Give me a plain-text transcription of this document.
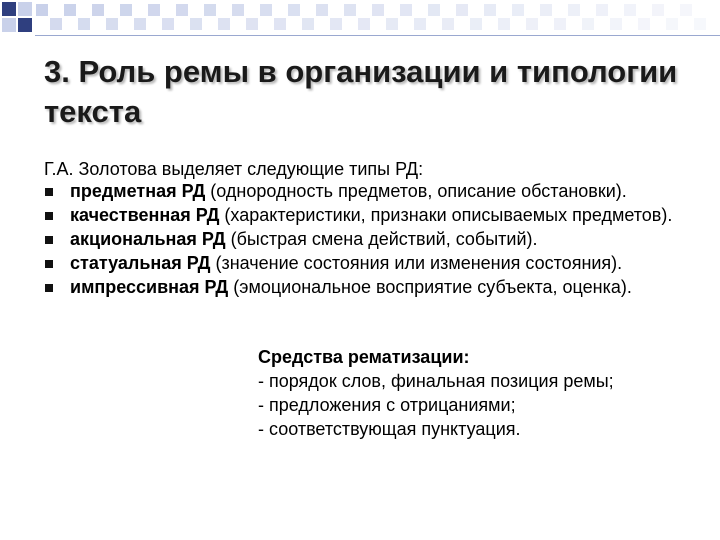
3. Роль ремы в организации и типологии текста

Г.А. Золотова выделяет следующие типы РД:

предметная РД (однородность предметов, описание обстановки).
качественная РД (характеристики, признаки описываемых предметов).
акциональная РД (быстрая смена действий, событий).
статуальная РД (значение состояния или изменения состояния).
импрессивная РД (эмоциональное восприятие субъекта, оценка).
Средства рематизации:
- порядок слов, финальная позиция ремы;
- предложения с отрицаниями;
- соответствующая пунктуация.
